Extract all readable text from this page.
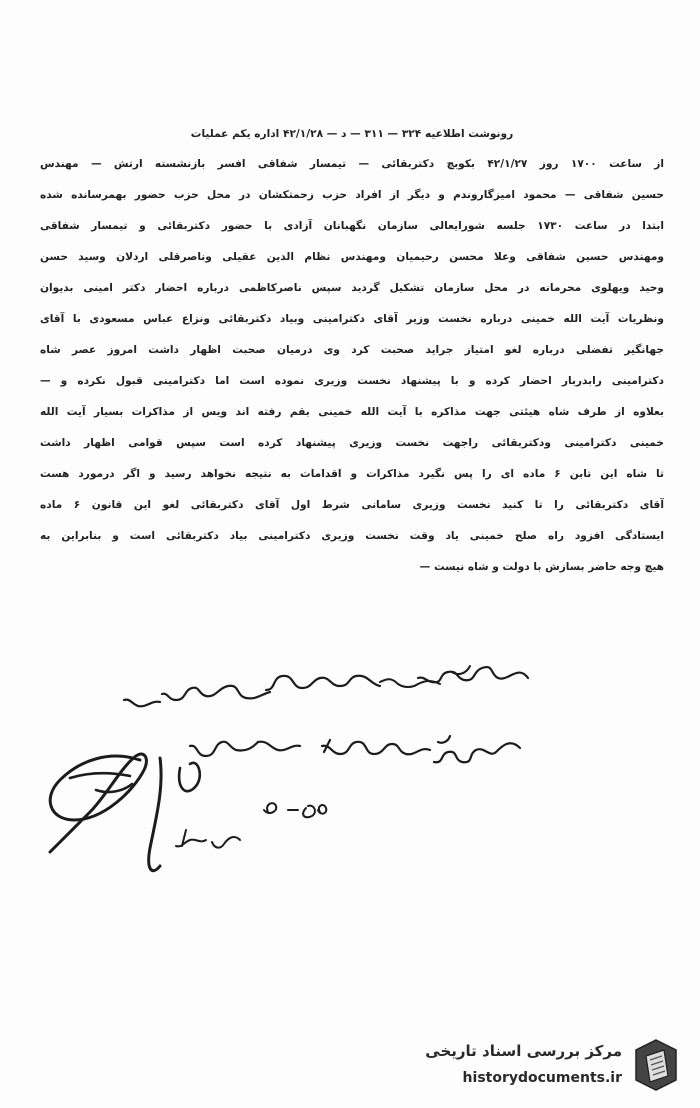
رونوشت اطلاعیه ۳۲۴ — ۳۱۱ — د — ۴۲/۱/۲۸ اداره یکم عملیات
از ساعت ۱۷۰۰ روز ۴۲/۱/۲۷ بکوبچ دکتربقائی — تیمسار شفاقی افسر بازنشسته ارتش — مهندس
حسین شفاقی — محمود امیزگاروندم و دیگر از افراد حزب زحمتکشان در محل حزب حضور بهمرسانده شده
ابتدا در ساعت ۱۷۳۰ جلسه شورایعالی سازمان نگهبانان آزادی با حضور دکتربقائی و تیمسار شفاقی
ومهندس حسین شفاقی وعلا محسن رحیمیان ومهندس نظام الدین عقیلی وناصرقلی اردلان وسید حسن
وحید ویهلوی محرمانه در محل سازمان تشکیل گردید سپس ناصرکاظمی درباره احضار دکتر امینی بدیوان
ونظریات آیت الله خمینی درباره نخست وزیر آقای دکترامینی وبیاد دکتربقائی ونزاع عباس مسعودی با آقای
جهانگیر تفضلی درباره لغو امتیاز جراید صحبت کرد وی درمیان صحبت اظهار داشت امروز عصر شاه
دکترامینی رابدربار احضار کرده و با پیشنهاد نخست وزیری نموده است اما دکترامینی قبول نکرده و —
بعلاوه از طرف شاه هیئتی جهت مذاکره با آیت الله خمینی بقم رفته اند ویس از مذاکرات بسیار آیت الله
خمینی دکترامینی ودکتربقائی راجهت نخست وزیری پیشنهاد کرده است سپس قوامی اظهار داشت
تا شاه این تابن ۶ ماده ای را پس نگیرد مذاکرات و اقدامات به نتیجه نخواهد رسید و اگر درمورد هست
آقای دکتربقائی را تا کنید نخست وزیری سامانی شرط اول آقای دکتربقائی لغو این قانون ۶ ماده
ایستادگی افزود راه صلح خمینی یاد وقت نخست وزیری دکترامینی بیاد دکتربقائی است و بنابراین به
هیچ وجه حاضر بسازش با دولت و شاه نیست —
مرکز بررسی اسناد تاریخی
historydocuments.ir
